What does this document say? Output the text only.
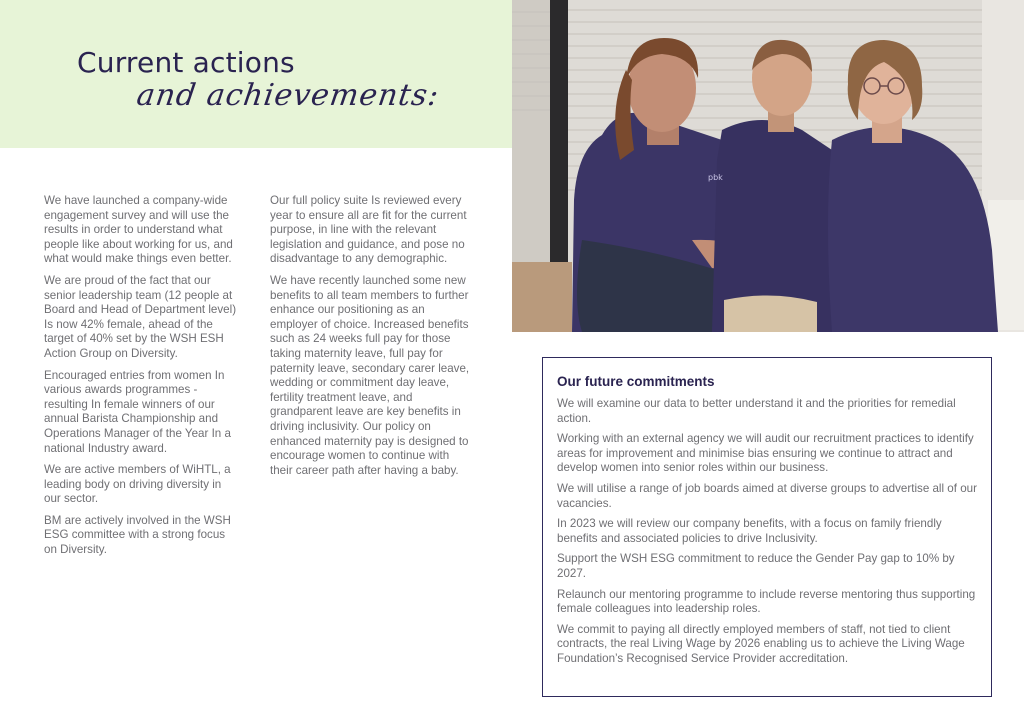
Current actions
and achievements:

We have launched a company-wide engagement survey and will use the results in order to understand what people like about working for us, and what would make things even better.

We are proud of the fact that our senior leadership team (12 people at Board and Head of Department level) Is now 42% female, ahead of the target of 40% set by the WSH ESH Action Group on Diversity.

Encouraged entries from women In various awards programmes - resulting In female winners of our annual Barista Championship and Operations Manager of the Year In a national Industry award.

We are active members of WiHTL, a leading body on driving diversity in our sector.

BM are actively involved in the WSH ESG committee with a strong focus on Diversity.

Our full policy suite Is reviewed every year to ensure all are fit for the current purpose, in line with the relevant legislation and guidance, and pose no disadvantage to any demographic.

We have recently launched some new benefits to all team members to further enhance our positioning as an employer of choice. Increased benefits such as 24 weeks full pay for those taking maternity leave, full pay for paternity leave, secondary carer leave, wedding or commitment day leave, fertility treatment leave, and grandparent leave are key benefits in driving inclusivity. Our policy on enhanced maternity pay is designed to encourage women to continue with their career path after having a baby.

pbk
Our future commitments

We will examine our data to better understand it and the priorities for remedial action.

Working with an external agency we will audit our recruitment practices to identify areas for improvement and minimise bias ensuring we continue to attract and develop women into senior roles within our business.

We will utilise a range of job boards aimed at diverse groups to advertise all of our vacancies.

In 2023 we will review our company benefits, with a focus on family friendly benefits and associated policies to drive Inclusivity.

Support the WSH ESG commitment to reduce the Gender Pay gap to 10% by 2027.

Relaunch our mentoring programme to include reverse mentoring thus supporting female colleagues into leadership roles.

We commit to paying all directly employed members of staff, not tied to client contracts, the real Living Wage by 2026 enabling us to achieve the Living Wage Foundation’s Recognised Service Provider accreditation.
